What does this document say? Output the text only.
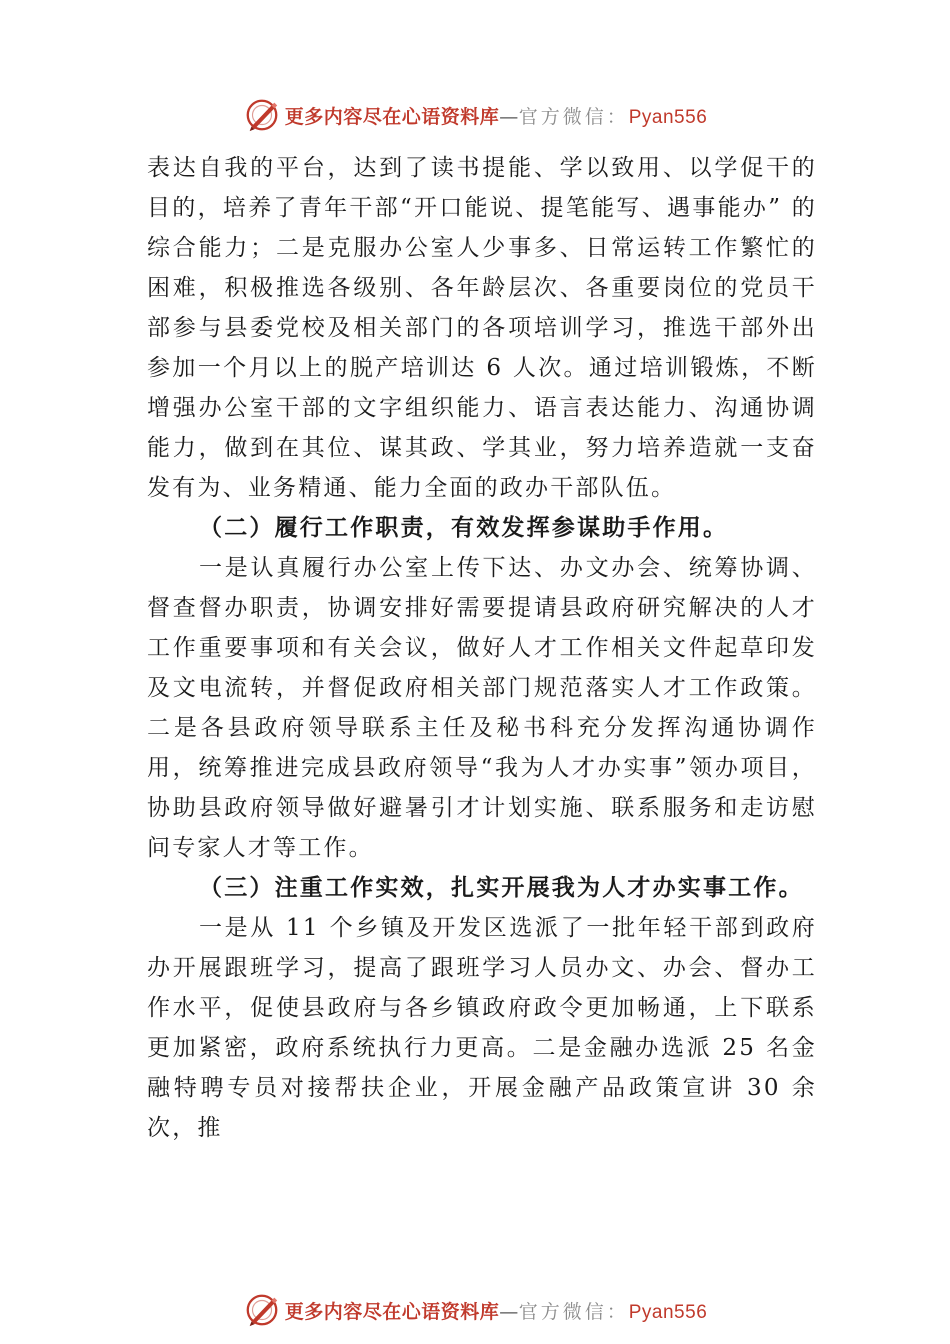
更多内容尽在心语资料库—官方微信：Pyan556

表达自我的平台，达到了读书提能、学以致用、以学促干的目的，培养了青年干部“开口能说、提笔能写、遇事能办” 的综合能力；二是克服办公室人少事多、日常运转工作繁忙的困难，积极推选各级别、各年龄层次、各重要岗位的党员干部参与县委党校及相关部门的各项培训学习，推选干部外出参加一个月以上的脱产培训达 6 人次。通过培训锻炼，不断增强办公室干部的文字组织能力、语言表达能力、沟通协调能力，做到在其位、谋其政、学其业，努力培养造就一支奋发有为、业务精通、能力全面的政办干部队伍。

（二）履行工作职责，有效发挥参谋助手作用。

一是认真履行办公室上传下达、办文办会、统筹协调、督查督办职责，协调安排好需要提请县政府研究解决的人才工作重要事项和有关会议，做好人才工作相关文件起草印发及文电流转，并督促政府相关部门规范落实人才工作政策。 二是各县政府领导联系主任及秘书科充分发挥沟通协调作用，统筹推进完成县政府领导“我为人才办实事”领办项目， 协助县政府领导做好避暑引才计划实施、联系服务和走访慰问专家人才等工作。

（三）注重工作实效，扎实开展我为人才办实事工作。

一是从 11 个乡镇及开发区选派了一批年轻干部到政府办开展跟班学习，提高了跟班学习人员办文、办会、督办工作水平，促使县政府与各乡镇政府政令更加畅通，上下联系更加紧密，政府系统执行力更高。二是金融办选派 25 名金融特聘专员对接帮扶企业，开展金融产品政策宣讲 30 余次，推

更多内容尽在心语资料库—官方微信：Pyan556
